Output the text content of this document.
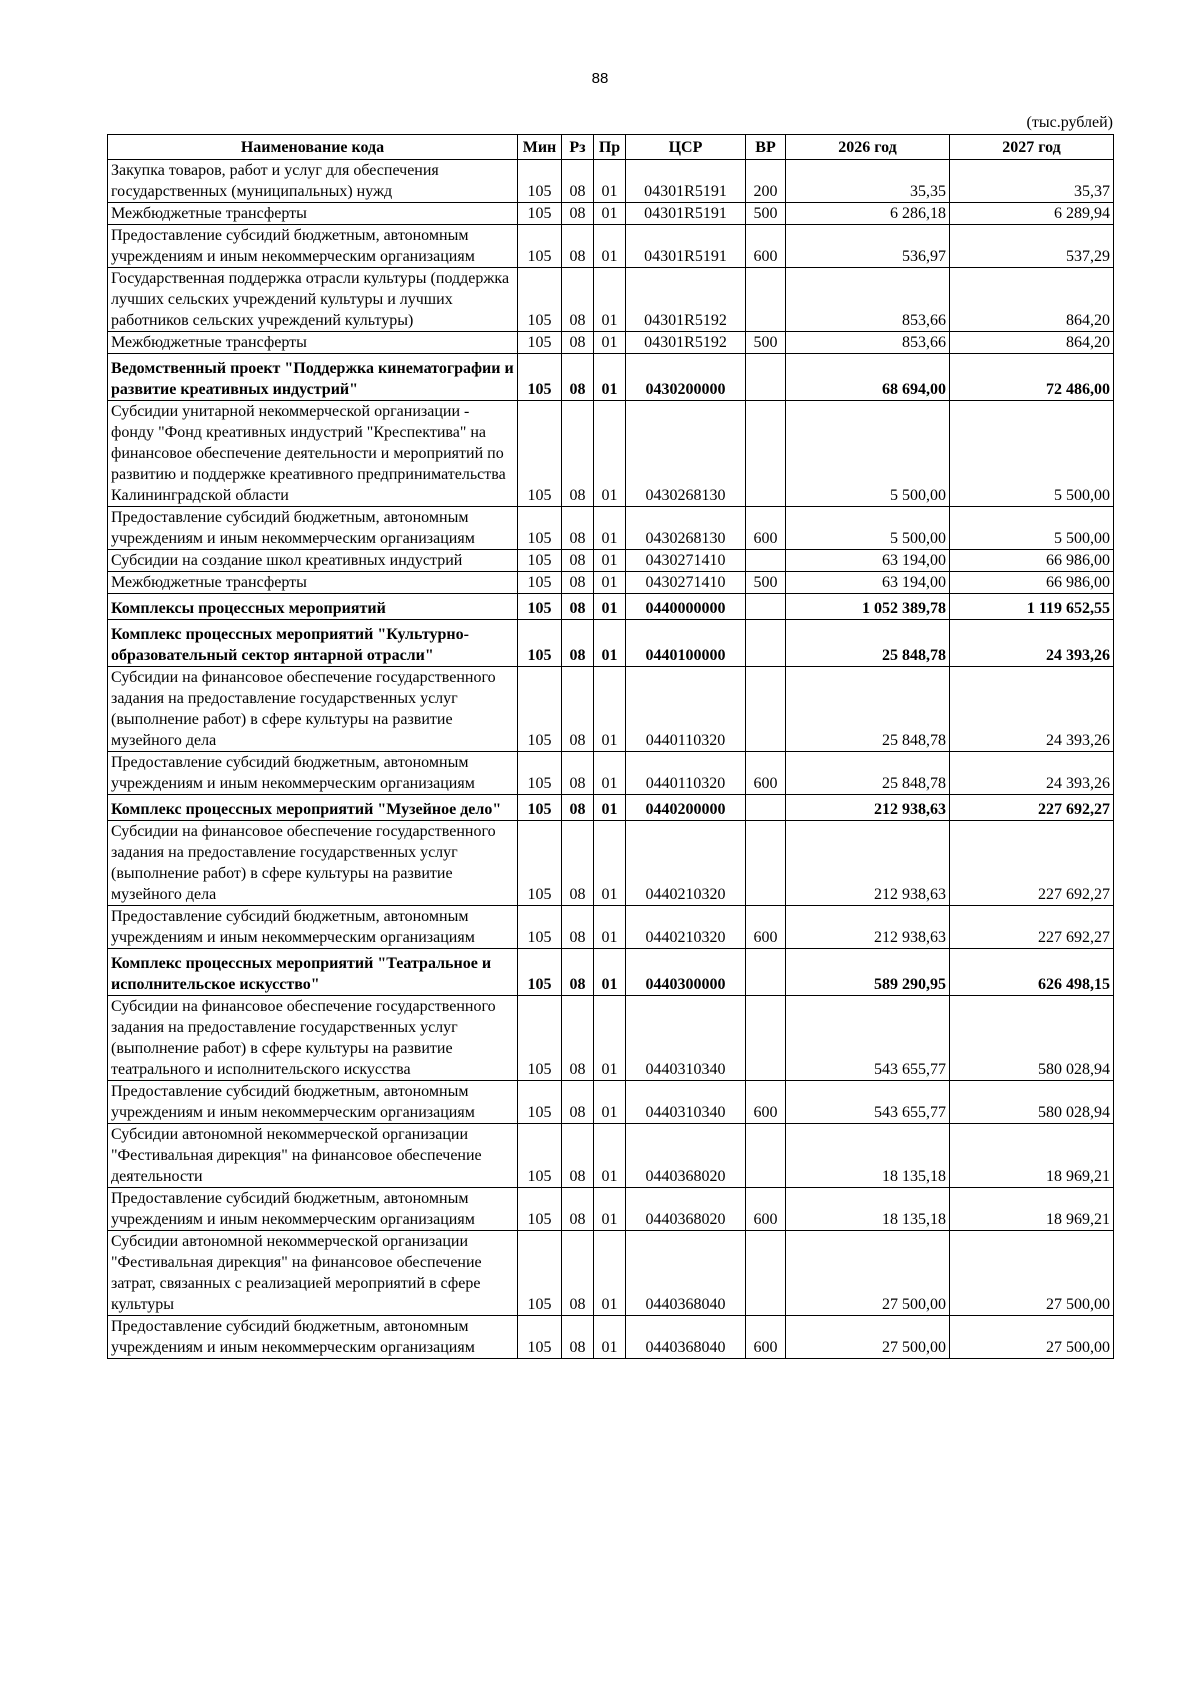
88
(тыс.рублей)
Наименование кода	Мин	Рз	Пр	ЦСР	ВР	2026 год	2027 год
Закупка товаров, работ и услуг для обеспечения государственных (муниципальных) нужд	105	08	01	04301R5191	200	35,35	35,37
Межбюджетные трансферты	105	08	01	04301R5191	500	6 286,18	6 289,94
Предоставление субсидий бюджетным, автономным учреждениям и иным некоммерческим организациям	105	08	01	04301R5191	600	536,97	537,29
Государственная поддержка отрасли культуры (поддержка лучших сельских учреждений культуры и лучших работников сельских учреждений культуры)	105	08	01	04301R5192		853,66	864,20
Межбюджетные трансферты	105	08	01	04301R5192	500	853,66	864,20
Ведомственный проект "Поддержка кинематографии и развитие креативных индустрий"	105	08	01	0430200000		68 694,00	72 486,00
Субсидии унитарной некоммерческой организации - фонду "Фонд креативных индустрий "Креспектива" на финансовое обеспечение деятельности и мероприятий по развитию и поддержке креативного предпринимательства Калининградской области	105	08	01	0430268130		5 500,00	5 500,00
Предоставление субсидий бюджетным, автономным учреждениям и иным некоммерческим организациям	105	08	01	0430268130	600	5 500,00	5 500,00
Субсидии на создание школ креативных индустрий	105	08	01	0430271410		63 194,00	66 986,00
Межбюджетные трансферты	105	08	01	0430271410	500	63 194,00	66 986,00
Комплексы процессных мероприятий	105	08	01	0440000000		1 052 389,78	1 119 652,55
Комплекс процессных мероприятий "Культурно-образовательный сектор янтарной отрасли"	105	08	01	0440100000		25 848,78	24 393,26
Субсидии на финансовое обеспечение государственного задания на предоставление государственных услуг (выполнение работ) в сфере культуры на развитие музейного дела	105	08	01	0440110320		25 848,78	24 393,26
Предоставление субсидий бюджетным, автономным учреждениям и иным некоммерческим организациям	105	08	01	0440110320	600	25 848,78	24 393,26
Комплекс процессных мероприятий "Музейное дело"	105	08	01	0440200000		212 938,63	227 692,27
Субсидии на финансовое обеспечение государственного задания на предоставление государственных услуг (выполнение работ) в сфере культуры на развитие музейного дела	105	08	01	0440210320		212 938,63	227 692,27
Предоставление субсидий бюджетным, автономным учреждениям и иным некоммерческим организациям	105	08	01	0440210320	600	212 938,63	227 692,27
Комплекс процессных мероприятий "Театральное и исполнительское искусство"	105	08	01	0440300000		589 290,95	626 498,15
Субсидии на финансовое обеспечение государственного задания на предоставление государственных услуг (выполнение работ) в сфере культуры на развитие театрального и исполнительского искусства	105	08	01	0440310340		543 655,77	580 028,94
Предоставление субсидий бюджетным, автономным учреждениям и иным некоммерческим организациям	105	08	01	0440310340	600	543 655,77	580 028,94
Субсидии автономной некоммерческой организации "Фестивальная дирекция" на финансовое обеспечение деятельности	105	08	01	0440368020		18 135,18	18 969,21
Предоставление субсидий бюджетным, автономным учреждениям и иным некоммерческим организациям	105	08	01	0440368020	600	18 135,18	18 969,21
Субсидии автономной некоммерческой организации "Фестивальная дирекция" на финансовое обеспечение затрат, связанных с реализацией мероприятий в сфере культуры	105	08	01	0440368040		27 500,00	27 500,00
Предоставление субсидий бюджетным, автономным учреждениям и иным некоммерческим организациям	105	08	01	0440368040	600	27 500,00	27 500,00
